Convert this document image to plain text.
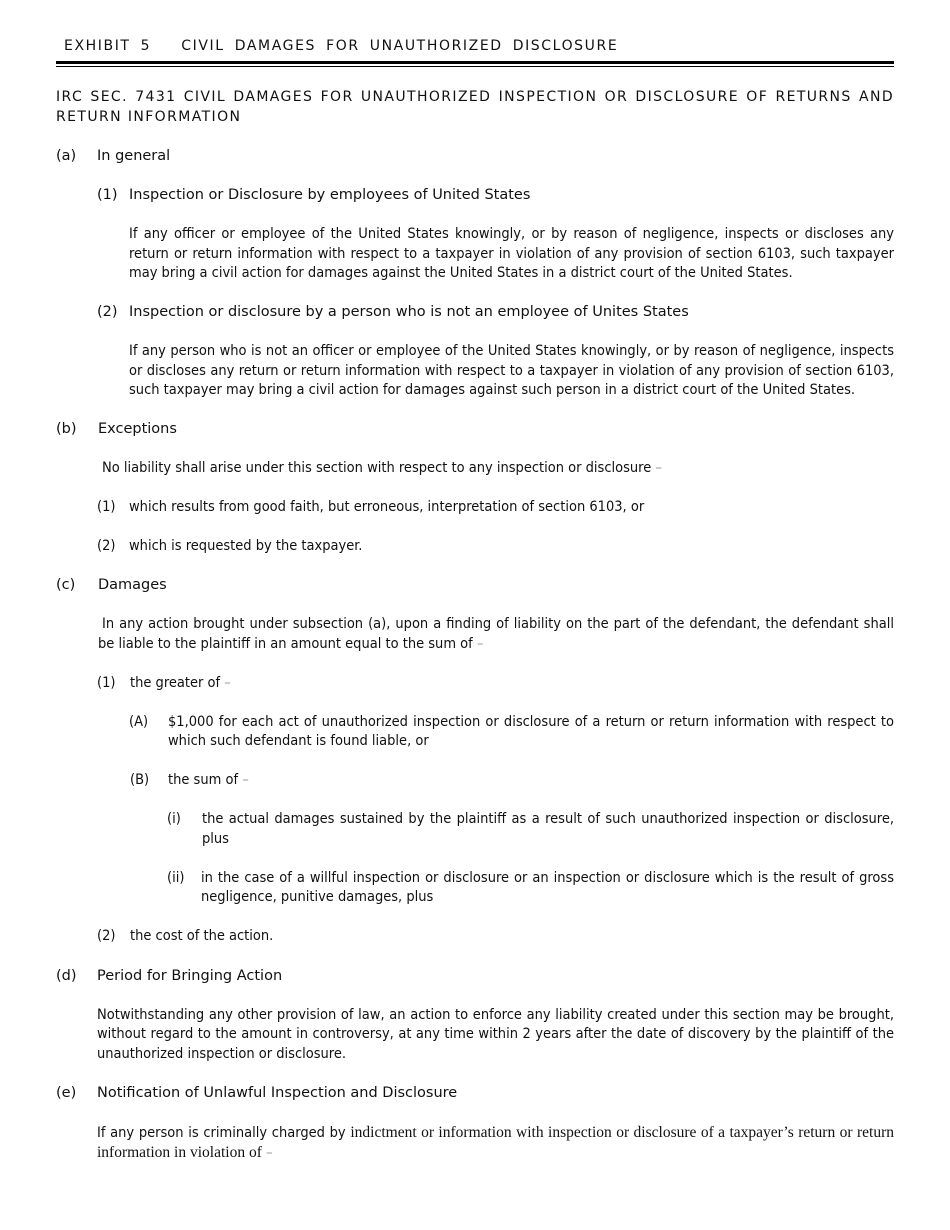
EXHIBIT 5 CIVIL DAMAGES FOR UNAUTHORIZED DISCLOSURE
IRC SEC. 7431 CIVIL DAMAGES FOR UNAUTHORIZED INSPECTION OR DISCLOSURE OF RETURNS AND RETURN INFORMATION
(a) In general
(1) Inspection or Disclosure by employees of United States
If any officer or employee of the United States knowingly, or by reason of negligence, inspects or discloses any return or return information with respect to a taxpayer in violation of any provision of section 6103, such taxpayer may bring a civil action for damages against the United States in a district court of the United States.
(2) Inspection or disclosure by a person who is not an employee of Unites States
If any person who is not an officer or employee of the United States knowingly, or by reason of negligence, inspects or discloses any return or return information with respect to a taxpayer in violation of any provision of section 6103, such taxpayer may bring a civil action for damages against such person in a district court of the United States.
(b) Exceptions
No liability shall arise under this section with respect to any inspection or disclosure –
(1) which results from good faith, but erroneous, interpretation of section 6103, or
(2) which is requested by the taxpayer.
(c) Damages
In any action brought under subsection (a), upon a finding of liability on the part of the defendant, the defendant shall be liable to the plaintiff in an amount equal to the sum of –
(1) the greater of –
(A) $1,000 for each act of unauthorized inspection or disclosure of a return or return information with respect to which such defendant is found liable, or
(B) the sum of –
(i) the actual damages sustained by the plaintiff as a result of such unauthorized inspection or disclosure, plus
(ii) in the case of a willful inspection or disclosure or an inspection or disclosure which is the result of gross negligence, punitive damages, plus
(2) the cost of the action.
(d) Period for Bringing Action
Notwithstanding any other provision of law, an action to enforce any liability created under this section may be brought, without regard to the amount in controversy, at any time within 2 years after the date of discovery by the plaintiff of the unauthorized inspection or disclosure.
(e) Notification of Unlawful Inspection and Disclosure
If any person is criminally charged by indictment or information with inspection or disclosure of a taxpayer’s return or return information in violation of –
